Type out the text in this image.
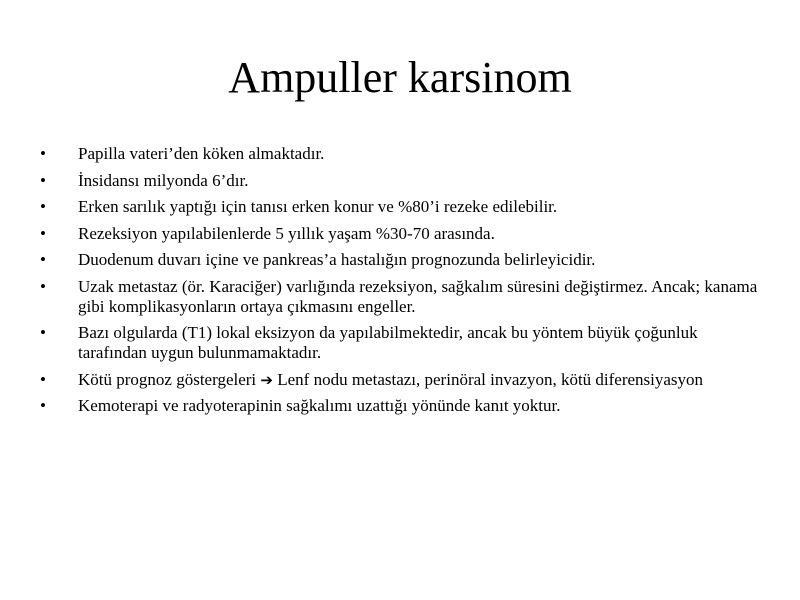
Ampuller karsinom
•	Papilla vateri’den köken almaktadır.
•	İnsidansı milyonda 6’dır.
•	Erken sarılık yaptığı için tanısı erken konur ve %80’i rezeke edilebilir.
•	Rezeksiyon yapılabilenlerde 5 yıllık yaşam %30-70 arasında.
•	Duodenum duvarı içine ve pankreas’a hastalığın prognozunda belirleyicidir.
•	Uzak metastaz (ör. Karaciğer) varlığında rezeksiyon, sağkalım süresini değiştirmez. Ancak; kanama gibi komplikasyonların ortaya çıkmasını engeller.
•	Bazı olgularda (T1) lokal eksizyon da yapılabilmektedir, ancak bu yöntem büyük çoğunluk tarafından uygun bulunmamaktadır.
•	Kötü prognoz göstergeleri ➔ Lenf nodu metastazı, perinöral invazyon, kötü diferensiyasyon
•	Kemoterapi ve radyoterapinin sağkalımı uzattığı yönünde kanıt yoktur.
